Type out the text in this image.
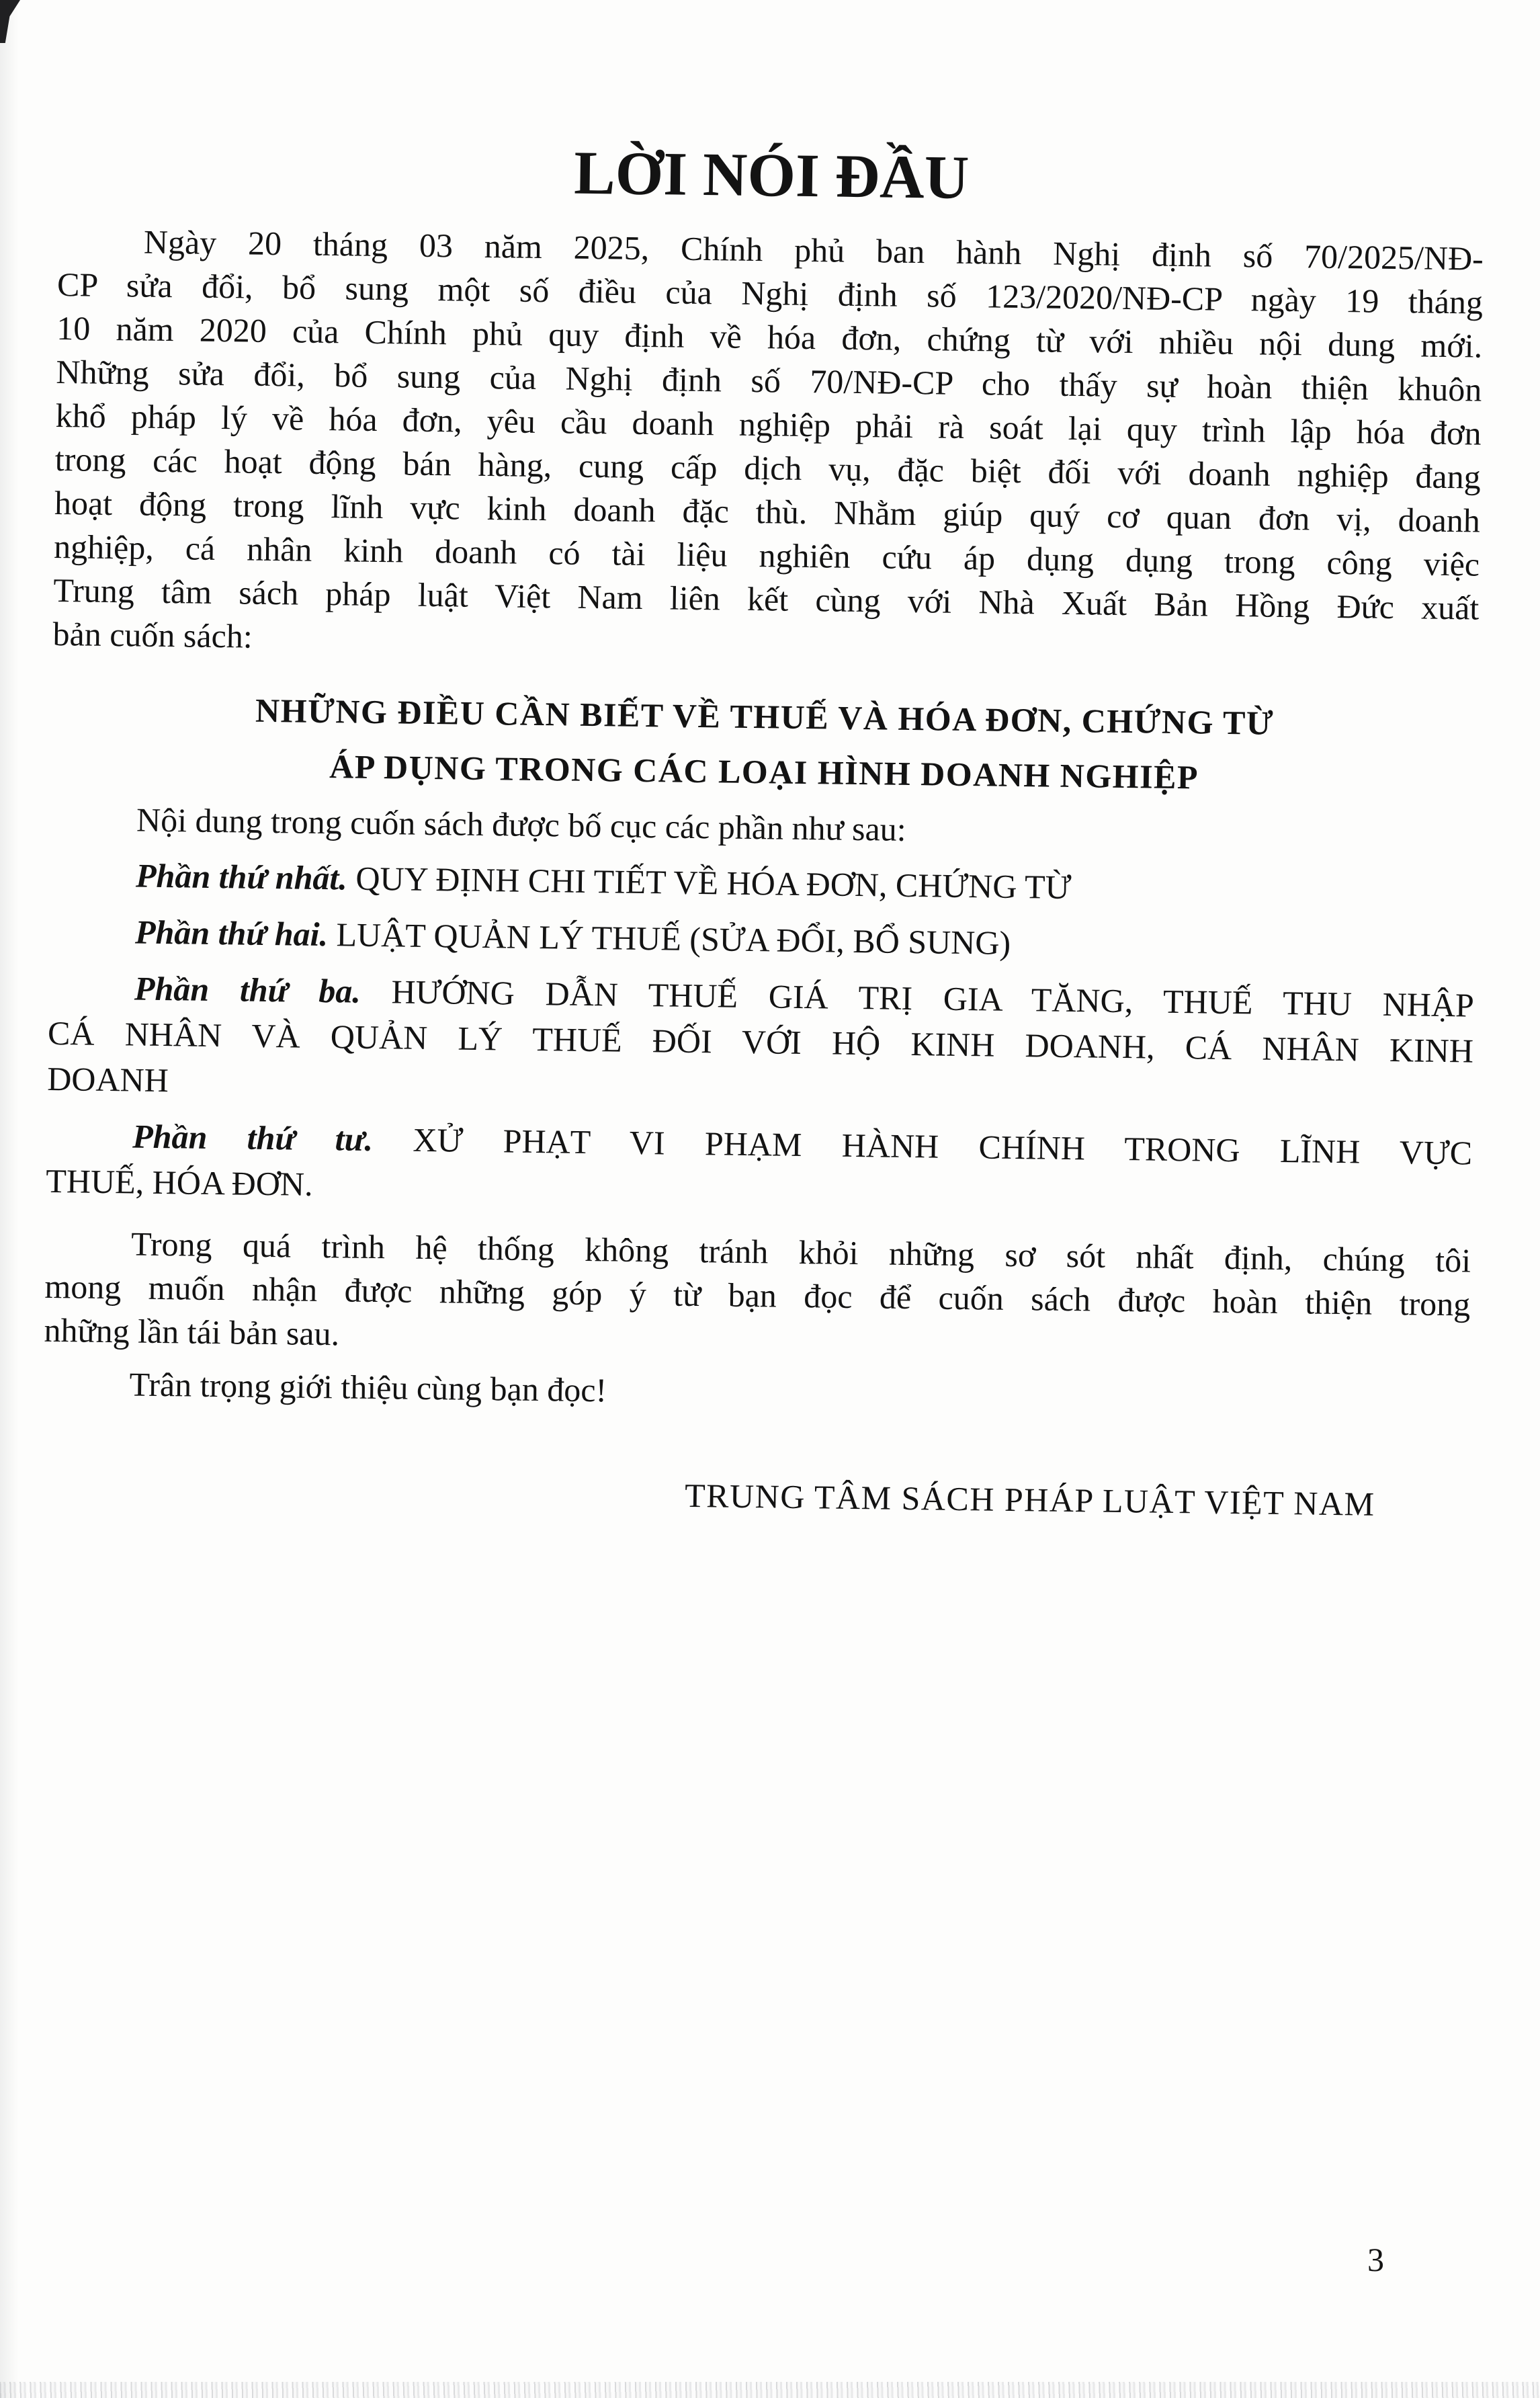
LỜI NÓI ĐẦU
Ngày 20 tháng 03 năm 2025, Chính phủ ban hành Nghị định số 70/2025/NĐ-
CP sửa đổi, bổ sung một số điều của Nghị định số 123/2020/NĐ-CP ngày 19 tháng
10 năm 2020 của Chính phủ quy định về hóa đơn, chứng từ với nhiều nội dung mới.
Những sửa đổi, bổ sung của Nghị định số 70/NĐ-CP cho thấy sự hoàn thiện khuôn
khổ pháp lý về hóa đơn, yêu cầu doanh nghiệp phải rà soát lại quy trình lập hóa đơn
trong các hoạt động bán hàng, cung cấp dịch vụ, đặc biệt đối với doanh nghiệp đang
hoạt động trong lĩnh vực kinh doanh đặc thù. Nhằm giúp quý cơ quan đơn vị, doanh
nghiệp, cá nhân kinh doanh có tài liệu nghiên cứu áp dụng dụng trong công việc
Trung tâm sách pháp luật Việt Nam liên kết cùng với Nhà Xuất Bản Hồng Đức xuất
bản cuốn sách:
NHỮNG ĐIỀU CẦN BIẾT VỀ THUẾ VÀ HÓA ĐƠN, CHỨNG TỪ
ÁP DỤNG TRONG CÁC LOẠI HÌNH DOANH NGHIỆP
Nội dung trong cuốn sách được bố cục các phần như sau:
Phần thứ nhất. QUY ĐỊNH CHI TIẾT VỀ HÓA ĐƠN, CHỨNG TỪ
Phần thứ hai. LUẬT QUẢN LÝ THUẾ (SỬA ĐỔI, BỔ SUNG)
Phần thứ ba. HƯỚNG DẪN THUẾ GIÁ TRỊ GIA TĂNG, THUẾ THU NHẬP
CÁ NHÂN VÀ QUẢN LÝ THUẾ ĐỐI VỚI HỘ KINH DOANH, CÁ NHÂN KINH
DOANH
Phần thứ tư. XỬ PHẠT VI PHẠM HÀNH CHÍNH TRONG LĨNH VỰC
THUẾ, HÓA ĐƠN.
Trong quá trình hệ thống không tránh khỏi những sơ sót nhất định, chúng tôi
mong muốn nhận được những góp ý từ bạn đọc để cuốn sách được hoàn thiện trong
những lần tái bản sau.
Trân trọng giới thiệu cùng bạn đọc!
TRUNG TÂM SÁCH PHÁP LUẬT VIỆT NAM
3
